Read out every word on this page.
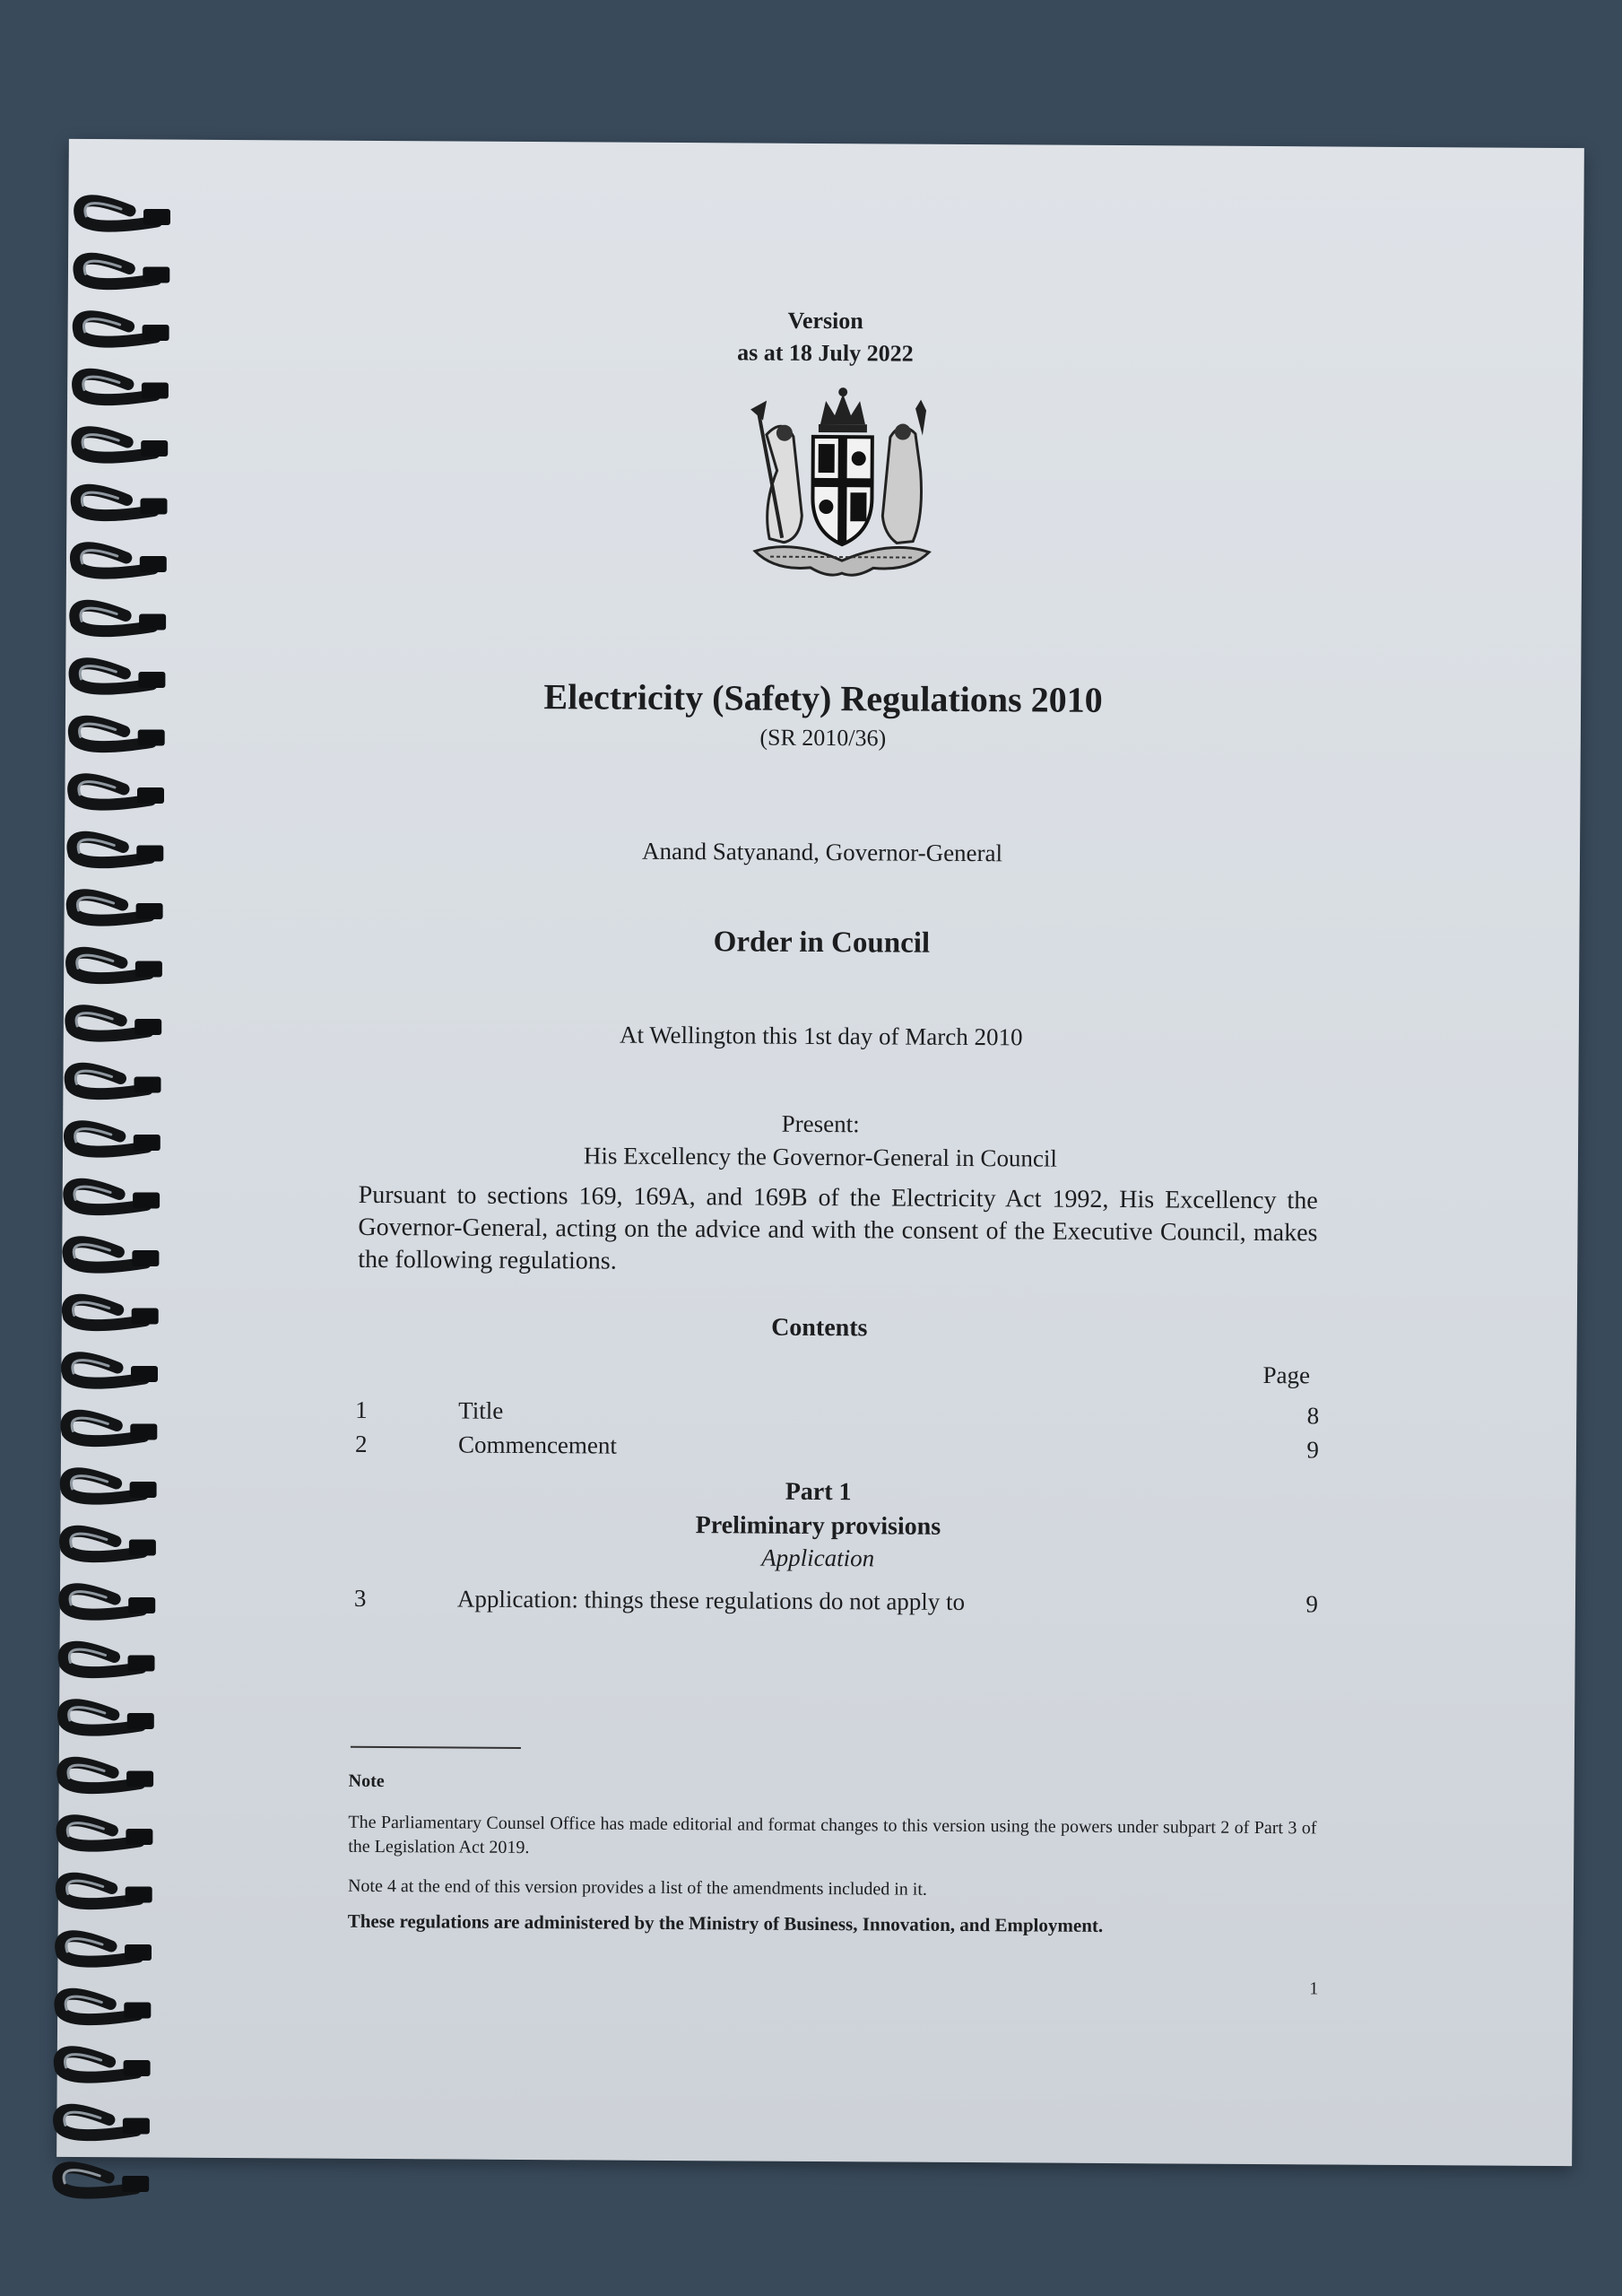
Version
as at 18 July 2022
Electricity (Safety) Regulations 2010
(SR 2010/36)
Anand Satyanand, Governor-General
Order in Council
At Wellington this 1st day of March 2010
Present:
His Excellency the Governor-General in Council
Pursuant to sections 169, 169A, and 169B of the Electricity Act 1992, His Excellency the Governor-General, acting on the advice and with the consent of the Executive Council, makes the following regulations.
Contents
Page
1	Title	8
2	Commencement	9
Part 1
Preliminary provisions
Application
3	Application: things these regulations do not apply to	9
Note
The Parliamentary Counsel Office has made editorial and format changes to this version using the powers under subpart 2 of Part 3 of the Legislation Act 2019.
Note 4 at the end of this version provides a list of the amendments included in it.
These regulations are administered by the Ministry of Business, Innovation, and Employment.
1
